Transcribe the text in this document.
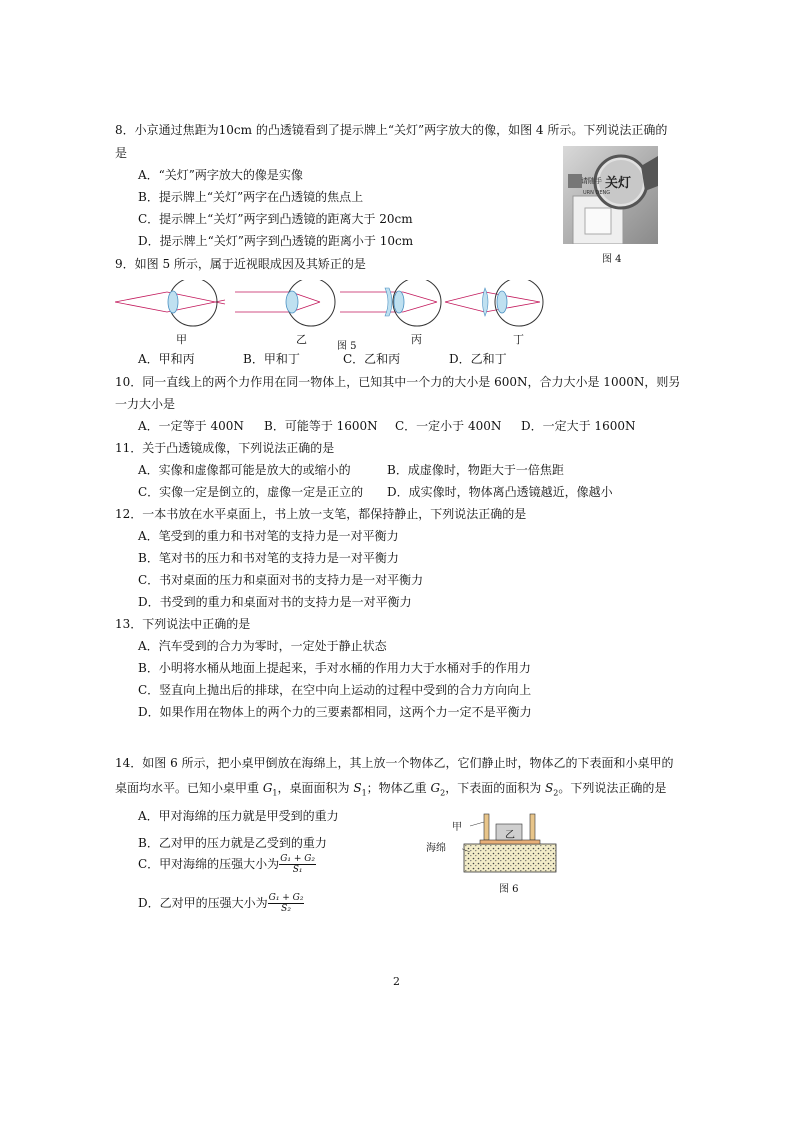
8．小京通过焦距为10cm 的凸透镜看到了提示牌上“关灯”两字放大的像，如图 4 所示。下列说法正确的
是
A．“关灯”两字放大的像是实像
B．提示牌上“关灯”两字在凸透镜的焦点上
C．提示牌上“关灯”两字到凸透镜的距离大于 20cm
D．提示牌上“关灯”两字到凸透镜的距离小于 10cm
关灯
请随手
URN DENG
图 4
9．如图 5 所示，属于近视眼成因及其矫正的是
甲	乙	丙	丁
图 5
A．甲和丙	B．甲和丁	C．乙和丙	D．乙和丁
10．同一直线上的两个力作用在同一物体上，已知其中一个力的大小是 600N，合力大小是 1000N，则另
一力大小是
A．一定等于 400N B．可能等于 1600N C．一定小于 400N D．一定大于 1600N
11．关于凸透镜成像，下列说法正确的是
A．实像和虚像都可能是放大的或缩小的	B．成虚像时，物距大于一倍焦距
C．实像一定是倒立的，虚像一定是正立的 D．成实像时，物体离凸透镜越近，像越小
12．一本书放在水平桌面上，书上放一支笔，都保持静止，下列说法正确的是
A．笔受到的重力和书对笔的支持力是一对平衡力
B．笔对书的压力和书对笔的支持力是一对平衡力
C．书对桌面的压力和桌面对书的支持力是一对平衡力
D．书受到的重力和桌面对书的支持力是一对平衡力
13．下列说法中正确的是
A．汽车受到的合力为零时，一定处于静止状态
B．小明将水桶从地面上提起来，手对水桶的作用力大于水桶对手的作用力
C．竖直向上抛出后的排球，在空中向上运动的过程中受到的合力方向向上
D．如果作用在物体上的两个力的三要素都相同，这两个力一定不是平衡力
14．如图 6 所示，把小桌甲倒放在海绵上，其上放一个物体乙，它们静止时，物体乙的下表面和小桌甲的
桌面均水平。已知小桌甲重 $G_1$，桌面面积为 $S_1$；物体乙重 $G_2$，下表面的面积为 $S_2$。下列说法正确的是
A．甲对海绵的压力就是甲受到的重力
B．乙对甲的压力就是乙受到的重力
C．甲对海绵的压强大小为 $\frac{\text{G₁ + G₂}}{\text{S₁}}$
D．乙对甲的压强大小为 $\frac{\text{G₁ + G₂}}{\text{S₂}}$
甲
乙
海绵
图 6
2
